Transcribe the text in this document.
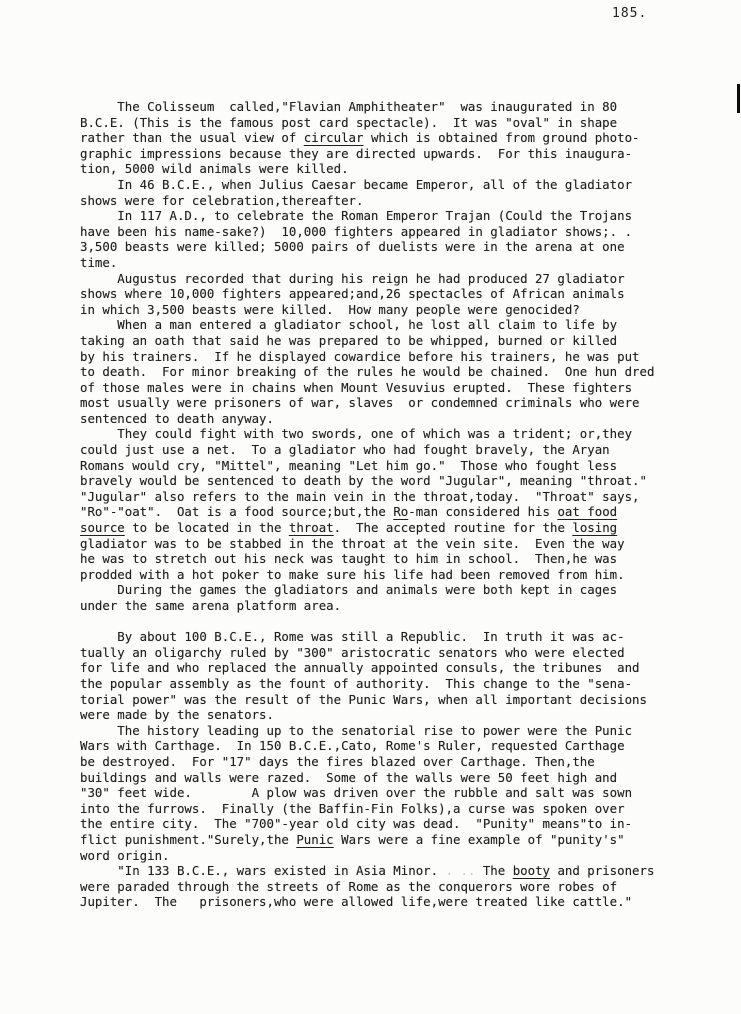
185.
The Colisseum  called,"Flavian Amphitheater"  was inaugurated in 80
B.C.E. (This is the famous post card spectacle).  It was "oval" in shape
rather than the usual view of circular which is obtained from ground photo-
graphic impressions because they are directed upwards.  For this inaugura-
tion, 5000 wild animals were killed.
In 46 B.C.E., when Julius Caesar became Emperor, all of the gladiator
shows were for celebration,thereafter.
In 117 A.D., to celebrate the Roman Emperor Trajan (Could the Trojans
have been his name-sake?)  10,000 fighters appeared in gladiator shows;. .
3,500 beasts were killed; 5000 pairs of duelists were in the arena at one
time.
Augustus recorded that during his reign he had produced 27 gladiator
shows where 10,000 fighters appeared;and,26 spectacles of African animals
in which 3,500 beasts were killed.  How many people were genocided?
When a man entered a gladiator school, he lost all claim to life by
taking an oath that said he was prepared to be whipped, burned or killed
by his trainers.  If he displayed cowardice before his trainers, he was put
to death.  For minor breaking of the rules he would be chained.  One hun dred
of those males were in chains when Mount Vesuvius erupted.  These fighters
most usually were prisoners of war, slaves  or condemned criminals who were
sentenced to death anyway.
They could fight with two swords, one of which was a trident; or,they
could just use a net.  To a gladiator who had fought bravely, the Aryan
Romans would cry, "Mittel", meaning "Let him go."  Those who fought less
bravely would be sentenced to death by the word "Jugular", meaning "throat."
"Jugular" also refers to the main vein in the throat,today.  "Throat" says,
"Ro"-"oat".  Oat is a food source;but,the Ro-man considered his oat food
source to be located in the throat.  The accepted routine for the losing
gladiator was to be stabbed in the throat at the vein site.  Even the way
he was to stretch out his neck was taught to him in school.  Then,he was
prodded with a hot poker to make sure his life had been removed from him.
During the games the gladiators and animals were both kept in cages
under the same arena platform area.
By about 100 B.C.E., Rome was still a Republic.  In truth it was ac-
tually an oligarchy ruled by "300" aristocratic senators who were elected
for life and who replaced the annually appointed consuls, the tribunes  and
the popular assembly as the fount of authority.  This change to the "sena-
torial power" was the result of the Punic Wars, when all important decisions
were made by the senators.
The history leading up to the senatorial rise to power were the Punic
Wars with Carthage.  In 150 B.C.E.,Cato, Rome's Ruler, requested Carthage
be destroyed.  For "17" days the fires blazed over Carthage. Then,the
buildings and walls were razed.  Some of the walls were 50 feet high and
"30" feet wide.        A plow was driven over the rubble and salt was sown
into the furrows.  Finally (the Baffin-Fin Folks),a curse was spoken over
the entire city.  The "700"-year old city was dead.  "Punity" means"to in-
flict punishment."Surely,the Punic Wars were a fine example of "punity's"
word origin.
"In 133 B.C.E., wars existed in Asia Minor. . .. The booty and prisoners
were paraded through the streets of Rome as the conquerors wore robes of
Jupiter.  The   prisoners,who were allowed life,were treated like cattle."
